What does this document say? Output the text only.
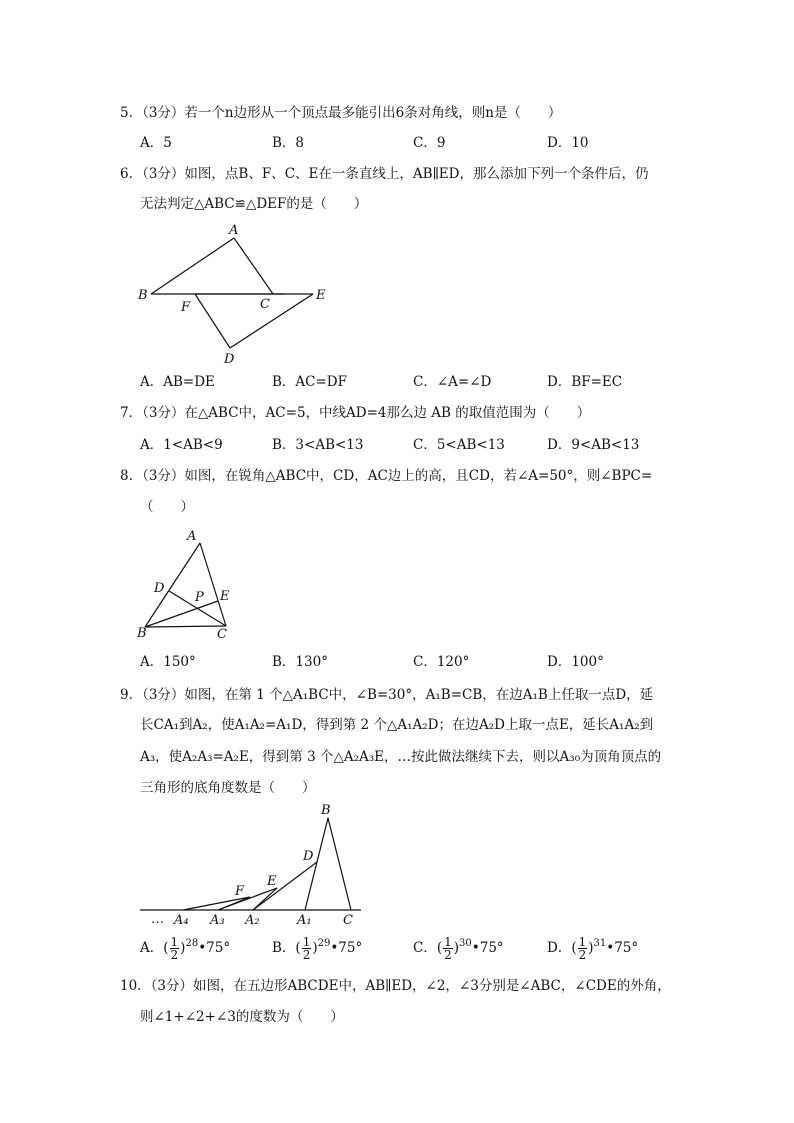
5．（3分）若一个n边形从一个顶点最多能引出6条对角线，则n是（　　）
A．5	B．8	C．9	D．10
6．（3分）如图，点B、F、C、E在一条直线上，AB∥ED，那么添加下列一个条件后，仍
无法判定△ABC≌△DEF的是（　　）
A
B
F	C
E
D
A．AB=DE	B．AC=DF	C．∠A=∠D	D．BF=EC
7．（3分）在△ABC中，AC=5，中线AD=4那么边 AB 的取值范围为（　　）
A．1<AB<9	B．3<AB<13	C．5<AB<13	D．9<AB<13
8．（3分）如图，在锐角△ABC中，CD，AC边上的高，且CD，若∠A=50°，则∠BPC=
（　　）
A
D
P E
B	C
A．150°	B．130°	C．120°	D．100°
9．（3分）如图，在第 1 个△A₁BC中，∠B=30°，A₁B=CB，在边A₁B上任取一点D，延
长CA₁到A₂，使A₁A₂=A₁D，得到第 2 个△A₁A₂D；在边A₂D上取一点E，延长A₁A₂到
A₃，使A₂A₃=A₂E，得到第 3 个△A₂A₃E，…按此做法继续下去，则以A₃₀为顶角顶点的
三角形的底角度数是（　　）
B
D
E
F
… A₄ A₃ A₂	A₁ C
A．( $\frac{1}{2}$ )$^{28}$•75°	B．( $\frac{1}{2}$ )$^{29}$•75°	C．( $\frac{1}{2}$ )$^{30}$•75°	D．( $\frac{1}{2}$ )$^{31}$•75°
10．（3分）如图，在五边形ABCDE中，AB∥ED，∠2，∠3分别是∠ABC，∠CDE的外角，
则∠1+∠2+∠3的度数为（　　）
